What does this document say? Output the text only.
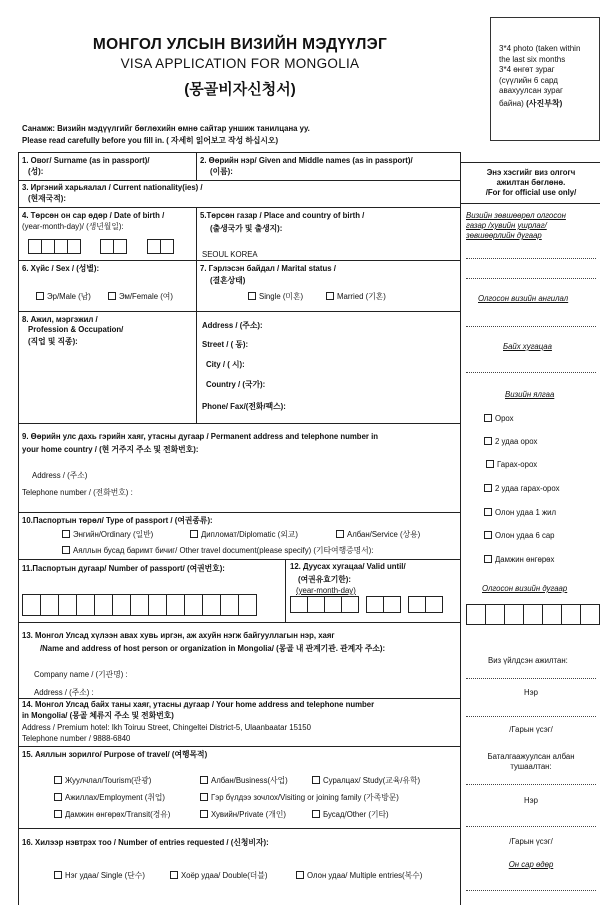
МОНГОЛ УЛСЫН ВИЗИЙН МЭДҮҮЛЭГ
VISA APPLICATION FOR MONGOLIA
(몽골비자신청서)
3*4 photo (taken within
the last six months
3*4 өнгөт зураг
(сүүлийн 6 сард
авахуулсан зураг
байна) (사진부착)
Санамж: Визийн мэдүүлгийг бөглөхийн өмнө сайтар уншиж танилцана уу.
Please read carefully before you fill in. ( 자세히 읽어보고 작성 하십시오)
1. Овог/ Surname (as in passport)/
(성):
2. Өөрийн нэр/ Given and Middle names (as in passport)/
(이름):
3. Иргэний харьяалал / Current nationality(ies) /
(현재국적):
4. Төрсөн он сар өдөр / Date of birth /
(year-month-day)/ (생년월일):
5.Төрсөн газар / Place and country of birth /
(출생국가 및 출생지):
SEOUL KOREA
6. Хүйс / Sex / (성별):
Эр/Male (남)	Эм/Female (여)
7. Гэрлэсэн байдал / Marital status /
(결혼상태)
Single (미혼)	Married (기혼)
8. Ажил, мэргэжил /
Profession & Occupation/
(직업 및 직종):
Address / (주소):
Street / ( 동):
City / ( 시):
Country / (국가):
Phone/ Fax/(전화/팩스):
9. Өөрийн улс дахь гэрийн хаяг, утасны дугаар / Permanent address and telephone number in
your home country / (현 거주지 주소 및 전화번호):
Address / (주소)
Telephone number / (전화번호) :
10.Паспортын төрөл/ Type of passport / (여권종류):
Энгийн/Ordinary (일반)	Дипломат/Diplomatic (외교)	Албан/Service (상용)
Аяллын бусад баримт бичиг/ Other travel document(please specify) (기타여행증명서):
11.Паспортын дугаар/ Number of passport/ (여권번호):	12. Дуусах хугацаа/ Valid until/
(여권유효기한):
(year-month-day)
13. Монгол Улсад хүлээн авах хувь иргэн, аж ахуйн нэгж байгууллагын нэр, хаяг
/Name and address of host person or organization in Mongolia/ (몽골 내 관계기관. 관계자 주소):
Company name / (기관명) :
Address / (주소) :
14. Монгол Улсад байх таны хаяг, утасны дугаар / Your home address and telephone number
in Mongolia/ (몽골 체류지 주소 및 전화번호)
Address / Premium hotel: Ikh Toiruu Street, Chingeltei District-5, Ulaanbaatar 15150
Telephone number / 9888-6840
15. Аяллын зорилго/ Purpose of travel/ (여행목적)
Жуулчлал/Tourism(관광)	Албан/Business(사업)	Суралцах/ Study(교육/유학)
Ажиллах/Employment (취업)	Гэр бүлдээ зочлох/Visiting or joining family (가족방문)
Дамжин өнгөрөх/Transit(경유)	Хувийн/Private (개인)	Бусад/Other (기타)
16. Хилээр нэвтрэх тоо / Number of entries requested / (신청비자):
Нэг удаа/ Single (단수)	Хоёр удаа/ Double(더블)	Олон удаа/ Multiple entries(복수)
Энэ хэсгийг виз олгогч
ажилтан бөглөнө.
/For for official use only/
Визийн зөвшөөрөл олгосон
газар /хувийн ушрлаг/
зөвшөөрлийн дугаар
Олгосон визийн ангилал
Байх хугацаа
Визийн ялгаа
Орох
2 удаа орох
Гарах-орох
2 удаа гарах-орох
Олон удаа 1 жил
Олон удаа 6 сар
Дамжин өнгөрөх
Олгосон визийн дугаар
Виз үйлдсэн ажилтан:
Нэр
/Гарын үсэг/
Баталгаажуулсан албан
тушаалтан:
Нэр
/Гарын үсэг/
Он сар өдөр
